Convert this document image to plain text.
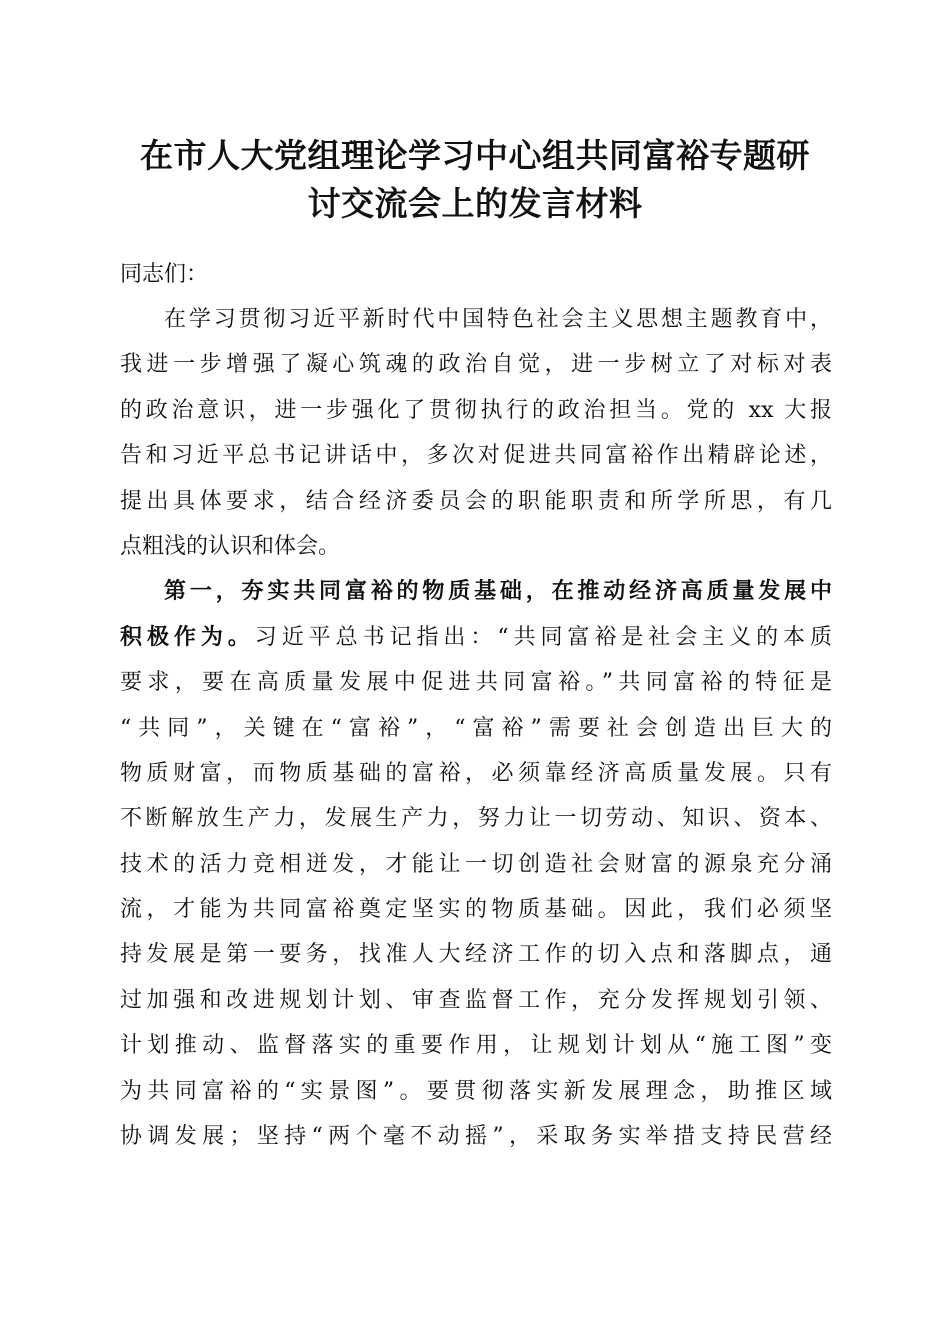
在市人大党组理论学习中心组共同富裕专题研
讨交流会上的发言材料

同志们：

在学习贯彻习近平新时代中国特色社会主义思想主题教育中，
我进一步增强了凝心筑魂的政治自觉，进一步树立了对标对表
的政治意识，进一步强化了贯彻执行的政治担当。党的 xx 大报
告和习近平总书记讲话中，多次对促进共同富裕作出精辟论述，
提出具体要求，结合经济委员会的职能职责和所学所思，有几
点粗浅的认识和体会。
第一，夯实共同富裕的物质基础，在推动经济高质量发展中
积极作为。习近平总书记指出：“共同富裕是社会主义的本质
要求，要在高质量发展中促进共同富裕。”共同富裕的特征是
“共同”，关键在“富裕”，“富裕”需要社会创造出巨大的
物质财富，而物质基础的富裕，必须靠经济高质量发展。只有
不断解放生产力，发展生产力，努力让一切劳动、知识、资本、
技术的活力竞相迸发，才能让一切创造社会财富的源泉充分涌
流，才能为共同富裕奠定坚实的物质基础。因此，我们必须坚
持发展是第一要务，找准人大经济工作的切入点和落脚点，通
过加强和改进规划计划、审查监督工作，充分发挥规划引领、
计划推动、监督落实的重要作用，让规划计划从“施工图”变
为共同富裕的“实景图”。要贯彻落实新发展理念，助推区域
协调发展；坚持“两个毫不动摇”，采取务实举措支持民营经
